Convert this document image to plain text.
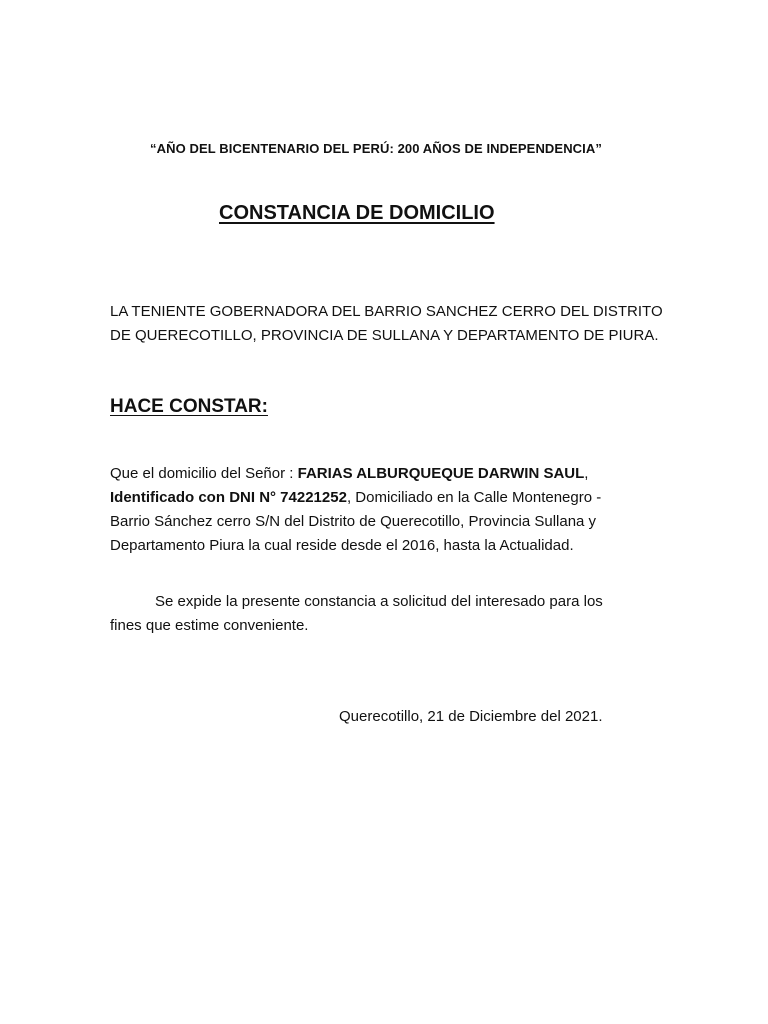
“AÑO DEL BICENTENARIO DEL PERÚ: 200 AÑOS DE INDEPENDENCIA”
CONSTANCIA DE DOMICILIO
LA TENIENTE GOBERNADORA DEL BARRIO SANCHEZ CERRO DEL DISTRITO
DE QUERECOTILLO, PROVINCIA DE SULLANA Y DEPARTAMENTO DE PIURA.
HACE CONSTAR:
Que el domicilio del Señor : FARIAS ALBURQUEQUE DARWIN SAUL,
Identificado con DNI N° 74221252, Domiciliado en la Calle Montenegro -
Barrio Sánchez cerro S/N del Distrito de Querecotillo, Provincia Sullana y
Departamento Piura la cual reside desde el 2016, hasta la Actualidad.
Se expide la presente constancia a solicitud del interesado para los
fines que estime conveniente.
Querecotillo, 21 de Diciembre del 2021.
